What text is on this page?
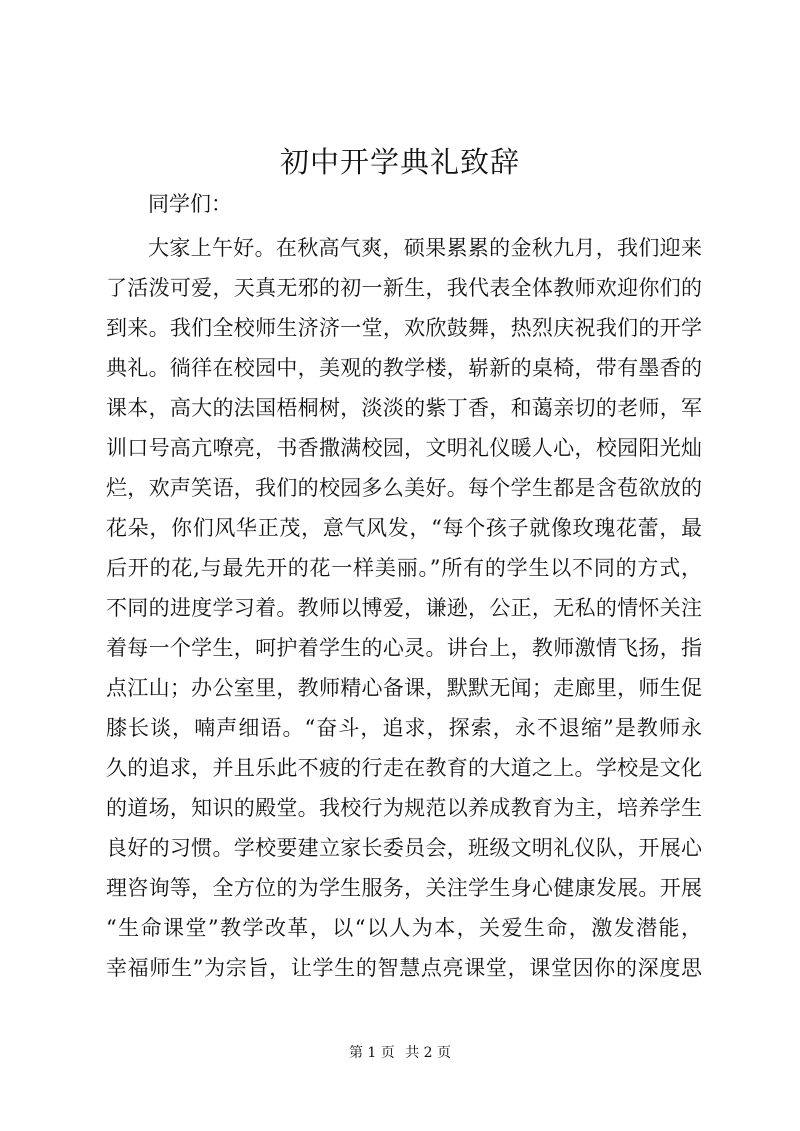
初中开学典礼致辞

同学们：

大家上午好。在秋高气爽，硕果累累的金秋九月，我们迎来
了活泼可爱，天真无邪的初一新生，我代表全体教师欢迎你们的
到来。我们全校师生济济一堂，欢欣鼓舞，热烈庆祝我们的开学
典礼。徜徉在校园中，美观的教学楼，崭新的桌椅，带有墨香的
课本，高大的法国梧桐树，淡淡的紫丁香，和蔼亲切的老师，军
训口号高亢嘹亮，书香撒满校园，文明礼仪暖人心，校园阳光灿
烂，欢声笑语，我们的校园多么美好。每个学生都是含苞欲放的
花朵，你们风华正茂，意气风发，“每个孩子就像玫瑰花蕾，最
后开的花,与最先开的花一样美丽。”所有的学生以不同的方式，
不同的进度学习着。教师以博爱，谦逊，公正，无私的情怀关注
着每一个学生，呵护着学生的心灵。讲台上，教师激情飞扬，指
点江山；办公室里，教师精心备课，默默无闻；走廊里，师生促
膝长谈，喃声细语。“奋斗，追求，探索，永不退缩”是教师永
久的追求，并且乐此不疲的行走在教育的大道之上。学校是文化
的道场，知识的殿堂。我校行为规范以养成教育为主，培养学生
良好的习惯。学校要建立家长委员会，班级文明礼仪队，开展心
理咨询等，全方位的为学生服务，关注学生身心健康发展。开展
“生命课堂”教学改革，以“以人为本，关爱生命，激发潜能，
幸福师生”为宗旨，让学生的智慧点亮课堂，课堂因你的深度思
第 1 页 共 2 页
